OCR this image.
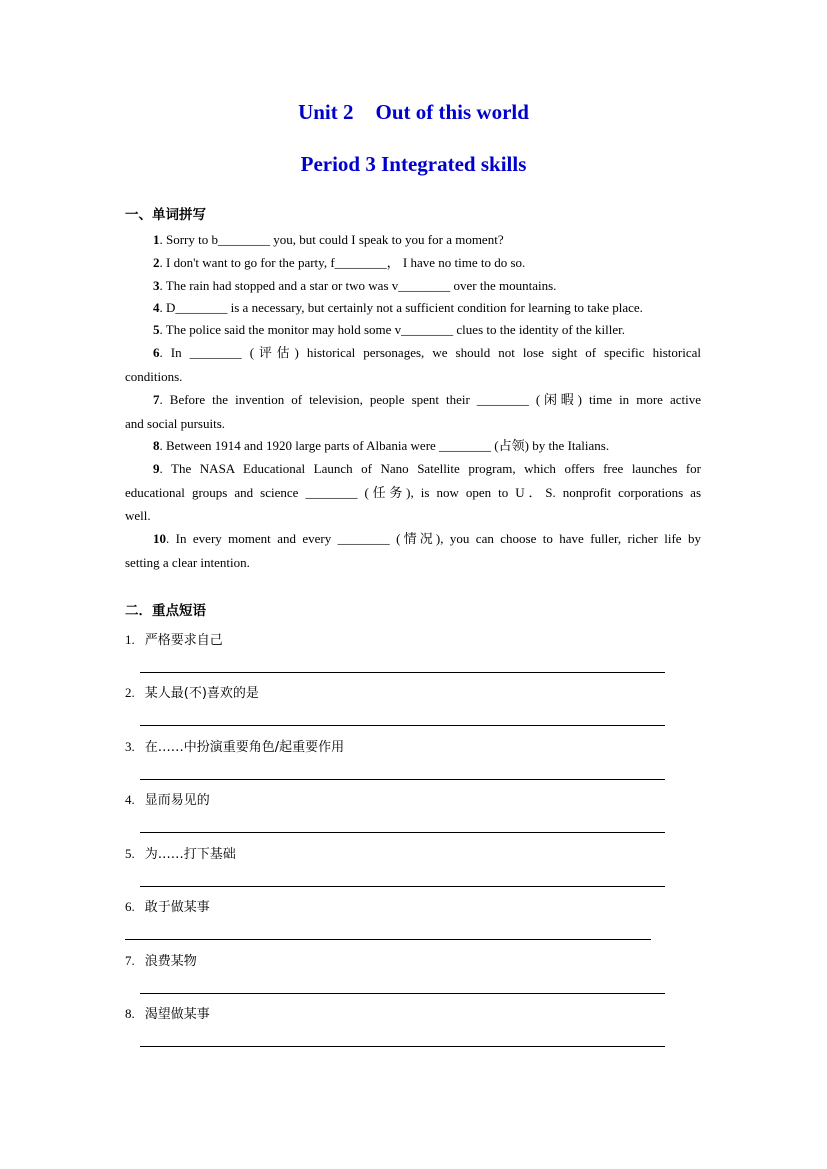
Unit 2 Out of this world
Period 3 Integrated skills
一、单词拼写
1. Sorry to b________ you, but could I speak to you for a moment?
2. I don't want to go for the party, f________， I have no time to do so.
3. The rain had stopped and a star or two was v________ over the mountains.
4. D________ is a necessary, but certainly not a sufficient condition for learning to take place.
5. The police said the monitor may hold some v________ clues to the identity of the killer.
6. In ________ (评估) historical personages, we should not lose sight of specific historical
conditions.
7. Before the invention of television, people spent their ________ (闲暇) time in more active
and social pursuits.
8. Between 1914 and 1920 large parts of Albania were ________ (占领) by the Italians.
9. The NASA Educational Launch of Nano Satellite program, which offers free launches for
educational groups and science ________ (任务), is now open to U．S. nonprofit corporations as
well.
10. In every moment and every ________ (情况), you can choose to have fuller, richer life by
setting a clear intention.
二．重点短语
1. 严格要求自己
2. 某人最(不)喜欢的是
3. 在……中扮演重要角色/起重要作用
4. 显而易见的
5. 为……打下基础
6. 敢于做某事
7. 浪费某物
8. 渴望做某事
